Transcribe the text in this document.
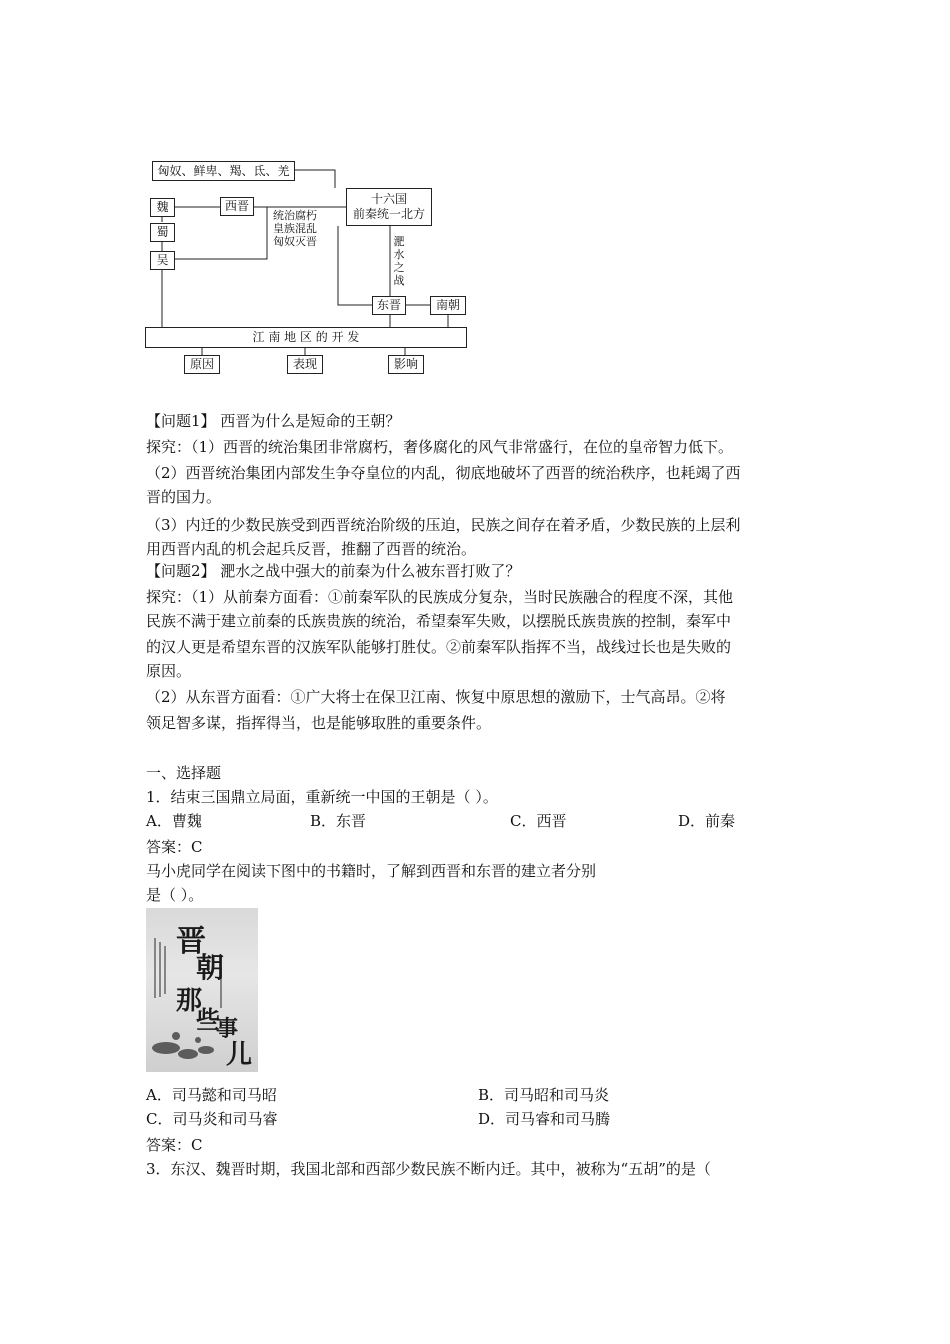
匈奴、鲜卑、羯、氐、羌
魏
蜀
吴
西晋	十六国
前秦统一北方
统治腐朽
皇族混乱
匈奴灭晋	淝
水
之
战
东晋	南朝
江 南 地 区 的 开 发
原因	表现	影响
【问题1】 西晋为什么是短命的王朝？
探究：（1）西晋的统治集团非常腐朽，奢侈腐化的风气非常盛行，在位的皇帝智力低下。
（2）西晋统治集团内部发生争夺皇位的内乱，彻底地破坏了西晋的统治秩序，也耗竭了西
晋的国力。
（3）内迁的少数民族受到西晋统治阶级的压迫，民族之间存在着矛盾，少数民族的上层利
用西晋内乱的机会起兵反晋，推翻了西晋的统治。
【问题2】 淝水之战中强大的前秦为什么被东晋打败了？
探究：（1）从前秦方面看：①前秦军队的民族成分复杂，当时民族融合的程度不深，其他
民族不满于建立前秦的氐族贵族的统治，希望秦军失败，以摆脱氐族贵族的控制，秦军中
的汉人更是希望东晋的汉族军队能够打胜仗。②前秦军队指挥不当，战线过长也是失败的
原因。
（2）从东晋方面看：①广大将士在保卫江南、恢复中原思想的激励下，士气高昂。②将
领足智多谋，指挥得当，也是能够取胜的重要条件。
一、选择题
1．结束三国鼎立局面，重新统一中国的王朝是（ ）。
A．曹魏	B．东晋	C．西晋	D．前秦
答案：C
马小虎同学在阅读下图中的书籍时，了解到西晋和东晋的建立者分别
是（ ）。
晋
朝
那
些
事
儿
A．司马懿和司马昭	B．司马昭和司马炎
C．司马炎和司马睿	D．司马睿和司马腾
答案：C
3．东汉、魏晋时期，我国北部和西部少数民族不断内迁。其中，被称为“五胡”的是（
